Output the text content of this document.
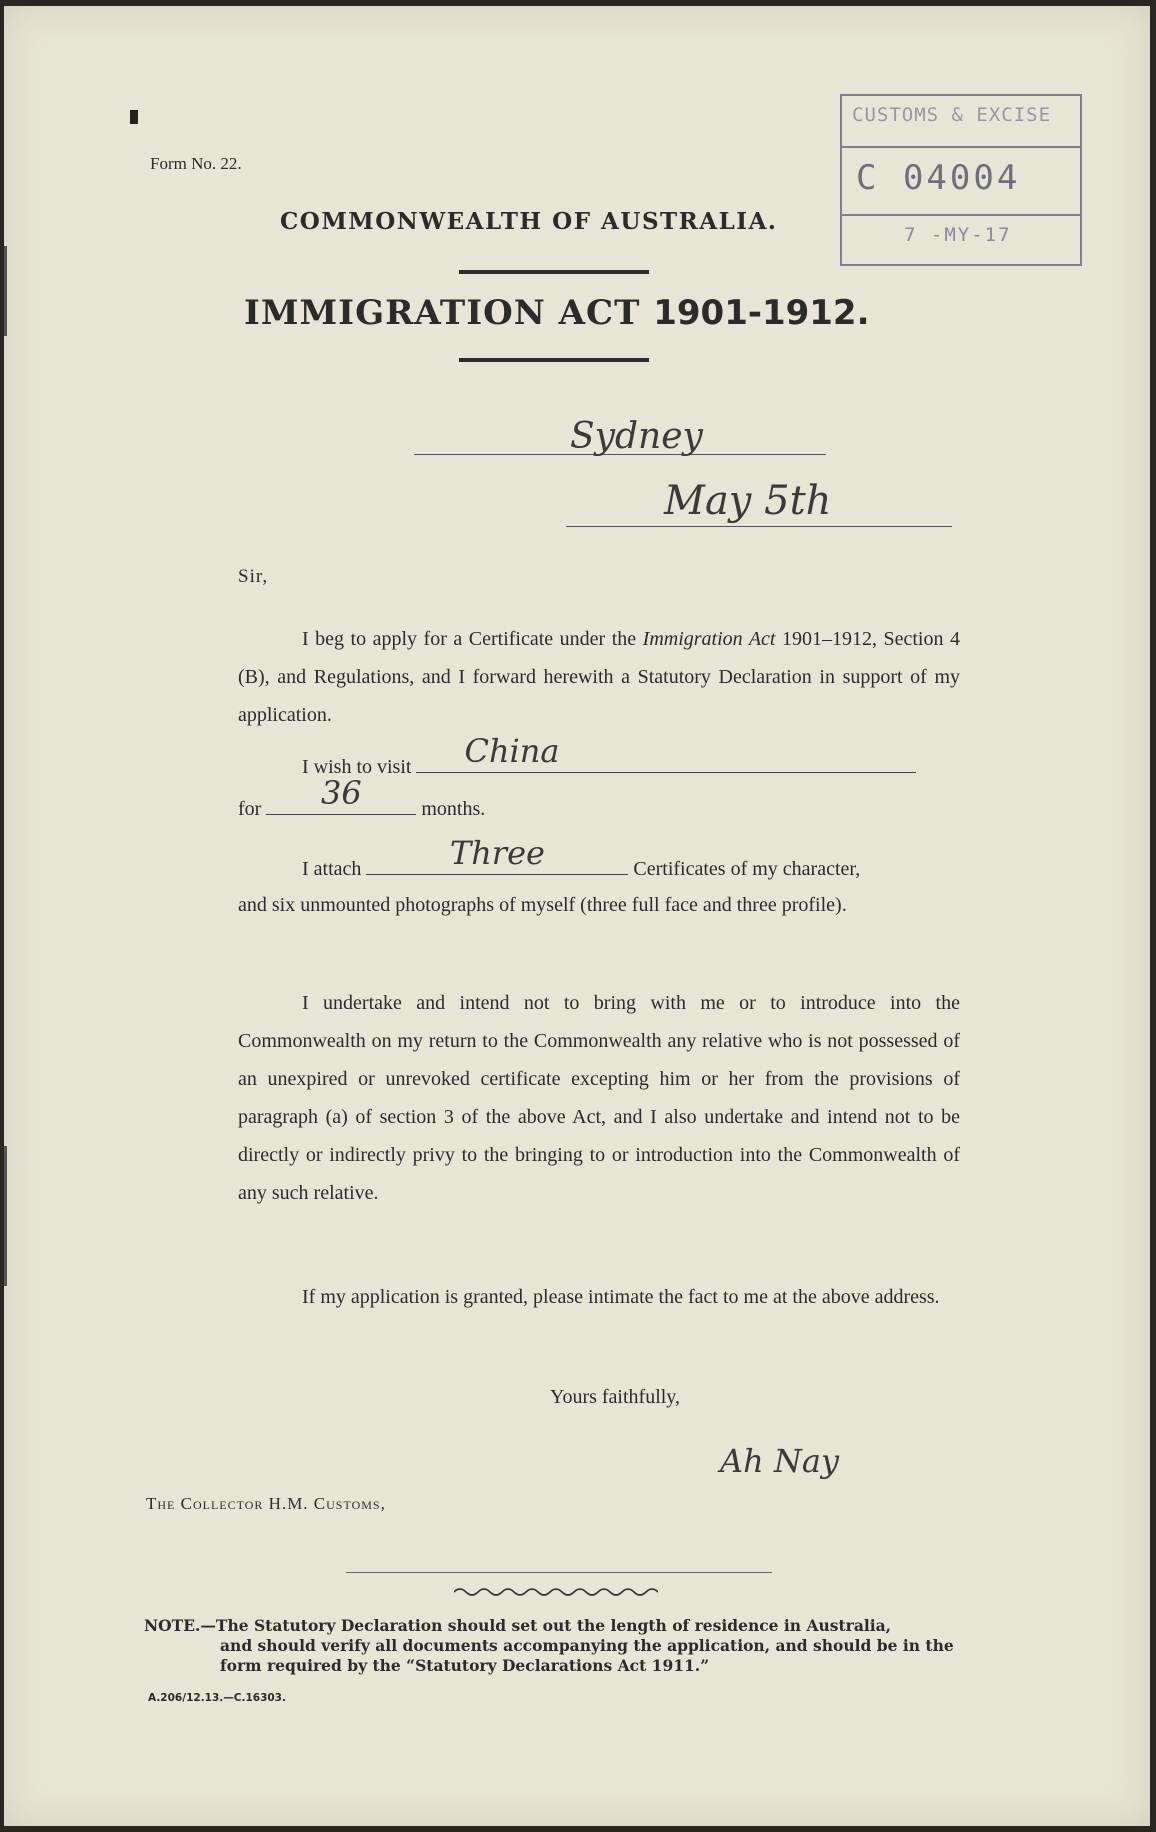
Form No. 22.
COMMONWEALTH OF AUSTRALIA.
IMMIGRATION ACT 1901-1912.
CUSTOMS & EXCISE
C 04004
7 -MY-17
Sydney
May 5th
Sir,
I beg to apply for a Certificate under the Immigration Act 1901–1912, Section 4 (B), and Regulations, and I forward herewith a Statutory Declaration in support of my application.
I wish to visit	China
for	36	months.
I attach	Three	Certificates of my character,
and six unmounted photographs of myself (three full face and three profile).
I undertake and intend not to bring with me or to introduce into the Commonwealth on my return to the Commonwealth any relative who is not possessed of an unexpired or unrevoked certificate excepting him or her from the provisions of paragraph (a) of section 3 of the above Act, and I also undertake and intend not to be directly or indirectly privy to the bringing to or introduction into the Commonwealth of any such relative.
If my application is granted, please intimate the fact to me at the above address.
Yours faithfully,
Ah Nay
The Collector H.M. Customs,
NOTE.—The Statutory Declaration should set out the length of residence in Australia,
and should verify all documents accompanying the application, and should be in the form required by the “Statutory Declarations Act 1911.”
A.206/12.13.—C.16303.
